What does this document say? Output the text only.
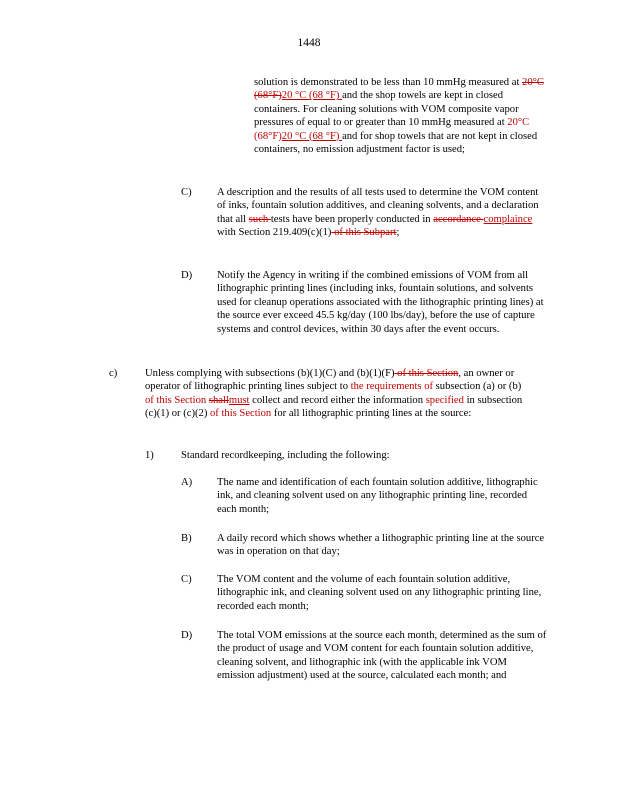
1448
solution is demonstrated to be less than 10 mmHg measured at 20°C (68°F)20 °C (68 °F) and the shop towels are kept in closed containers. For cleaning solutions with VOM composite vapor pressures of equal to or greater than 10 mmHg measured at 20°C (68°F)20 °C (68 °F) and for shop towels that are not kept in closed containers, no emission adjustment factor is used;
C) A description and the results of all tests used to determine the VOM content of inks, fountain solution additives, and cleaning solvents, and a declaration that all such tests have been properly conducted in accordance complaince with Section 219.409(c)(1) of this Subpart;
D) Notify the Agency in writing if the combined emissions of VOM from all lithographic printing lines (including inks, fountain solutions, and solvents used for cleanup operations associated with the lithographic printing lines) at the source ever exceed 45.5 kg/day (100 lbs/day), before the use of capture systems and control devices, within 30 days after the event occurs.
c)	Unless complying with subsections (b)(1)(C) and (b)(1)(F) of this Section, an owner or operator of lithographic printing lines subject to the requirements of subsection (a) or (b) of this Section shallmust collect and record either the information specified in subsection (c)(1) or (c)(2) of this Section for all lithographic printing lines at the source:
1)	Standard recordkeeping, including the following:
A) The name and identification of each fountain solution additive, lithographic ink, and cleaning solvent used on any lithographic printing line, recorded each month;
B) A daily record which shows whether a lithographic printing line at the source was in operation on that day;
C) The VOM content and the volume of each fountain solution additive, lithographic ink, and cleaning solvent used on any lithographic printing line, recorded each month;
D) The total VOM emissions at the source each month, determined as the sum of the product of usage and VOM content for each fountain solution additive, cleaning solvent, and lithographic ink (with the applicable ink VOM emission adjustment) used at the source, calculated each month; and
